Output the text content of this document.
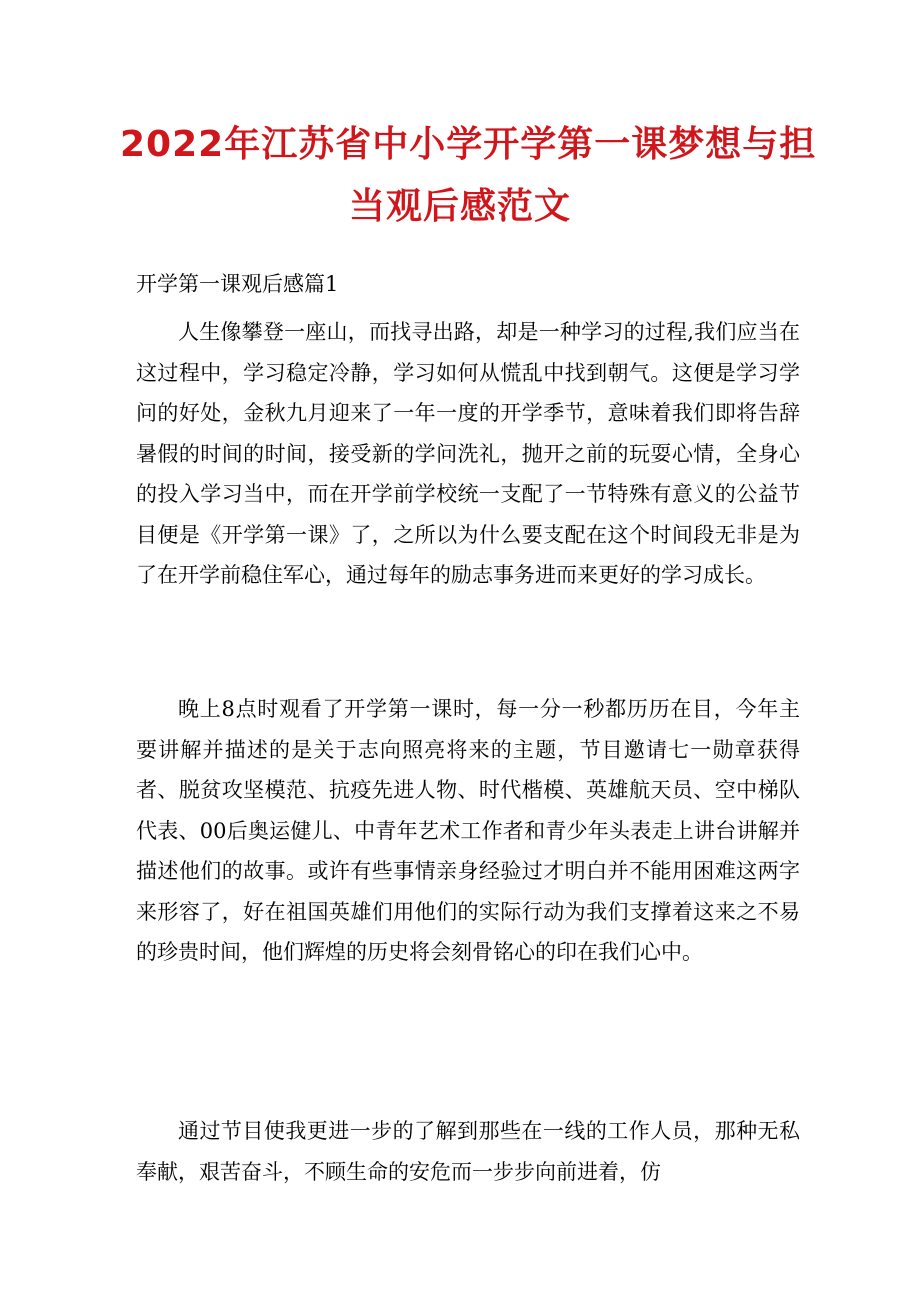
2022年江苏省中小学开学第一课梦想与担
当观后感范文

开学第一课观后感篇1

人生像攀登一座山，而找寻出路，却是一种学习的过程,我们应当在这过程中，学习稳定冷静，学习如何从慌乱中找到朝气。这便是学习学问的好处，金秋九月迎来了一年一度的开学季节，意味着我们即将告辞暑假的时间的时间，接受新的学问洗礼，抛开之前的玩耍心情，全身心的投入学习当中，而在开学前学校统一支配了一节特殊有意义的公益节目便是《开学第一课》了，之所以为什么要支配在这个时间段无非是为了在开学前稳住军心，通过每年的励志事务进而来更好的学习成长。

晚上8点时观看了开学第一课时，每一分一秒都历历在目，今年主要讲解并描述的是关于志向照亮将来的主题，节目邀请七一勋章获得者、脱贫攻坚模范、抗疫先进人物、时代楷模、英雄航天员、空中梯队代表、00后奥运健儿、中青年艺术工作者和青少年头表走上讲台讲解并描述他们的故事。或许有些事情亲身经验过才明白并不能用困难这两字来形容了，好在祖国英雄们用他们的实际行动为我们支撑着这来之不易的珍贵时间，他们辉煌的历史将会刻骨铭心的印在我们心中。

通过节目使我更进一步的了解到那些在一线的工作人员，那种无私奉献，艰苦奋斗，不顾生命的安危而一步步向前进着，仿
